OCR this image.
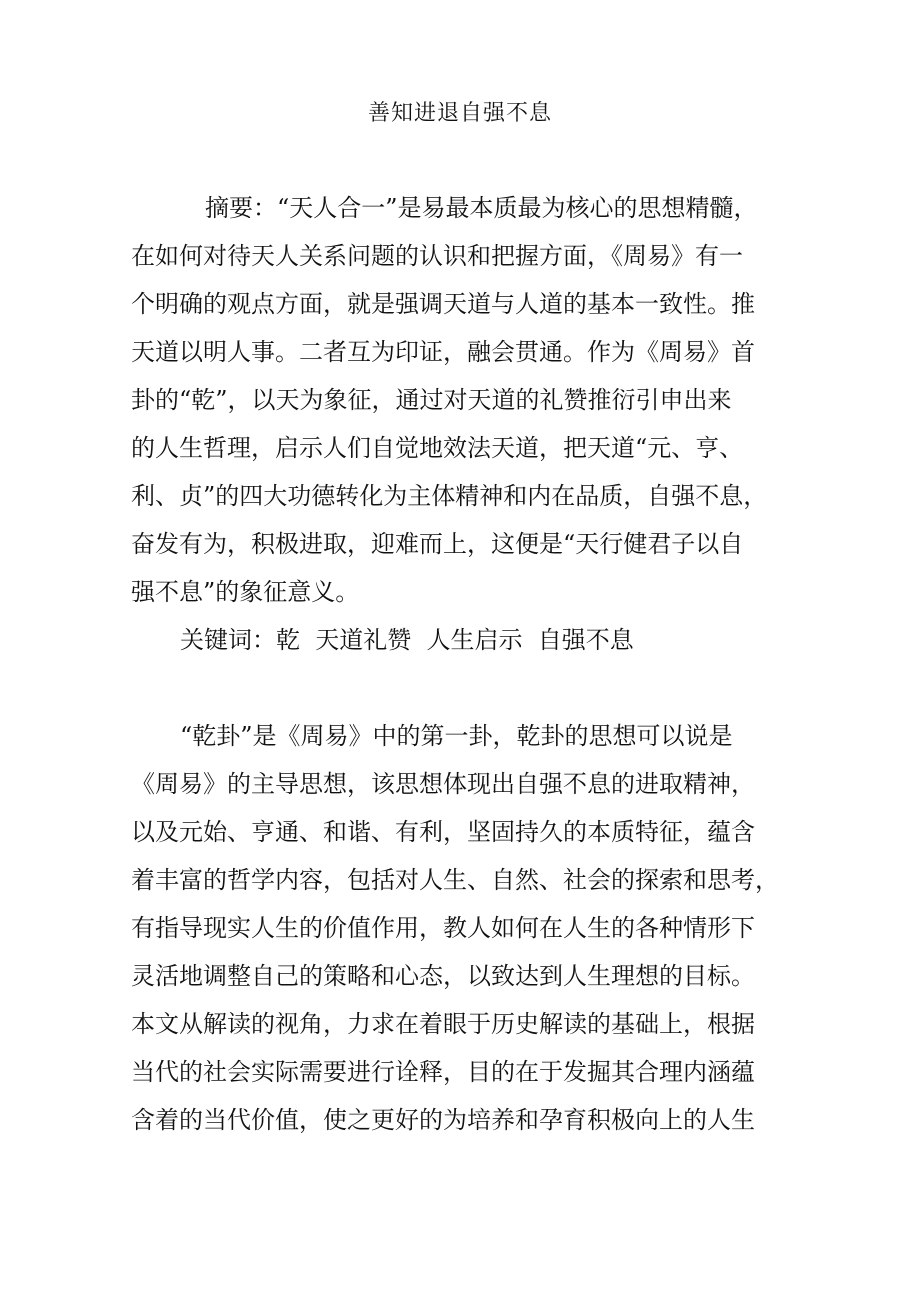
善知进退自强不息
摘要：“天人合一”是易最本质最为核心的思想精髓，
在如何对待天人关系问题的认识和把握方面，《周易》有一
个明确的观点方面，就是强调天道与人道的基本一致性。推
天道以明人事。二者互为印证，融会贯通。作为《周易》首
卦的“乾”，以天为象征，通过对天道的礼赞推衍引申出来
的人生哲理，启示人们自觉地效法天道，把天道“元、亨、
利、贞”的四大功德转化为主体精神和内在品质，自强不息，
奋发有为，积极进取，迎难而上，这便是“天行健君子以自
强不息”的象征意义。
关键词：乾  天道礼赞  人生启示  自强不息
“乾卦”是《周易》中的第一卦，乾卦的思想可以说是
《周易》的主导思想，该思想体现出自强不息的进取精神，
以及元始、亨通、和谐、有利，坚固持久的本质特征，蕴含
着丰富的哲学内容，包括对人生、自然、社会的探索和思考，
有指导现实人生的价值作用，教人如何在人生的各种情形下
灵活地调整自己的策略和心态，以致达到人生理想的目标。
本文从解读的视角，力求在着眼于历史解读的基础上，根据
当代的社会实际需要进行诠释，目的在于发掘其合理内涵蕴
含着的当代价值，使之更好的为培养和孕育积极向上的人生
